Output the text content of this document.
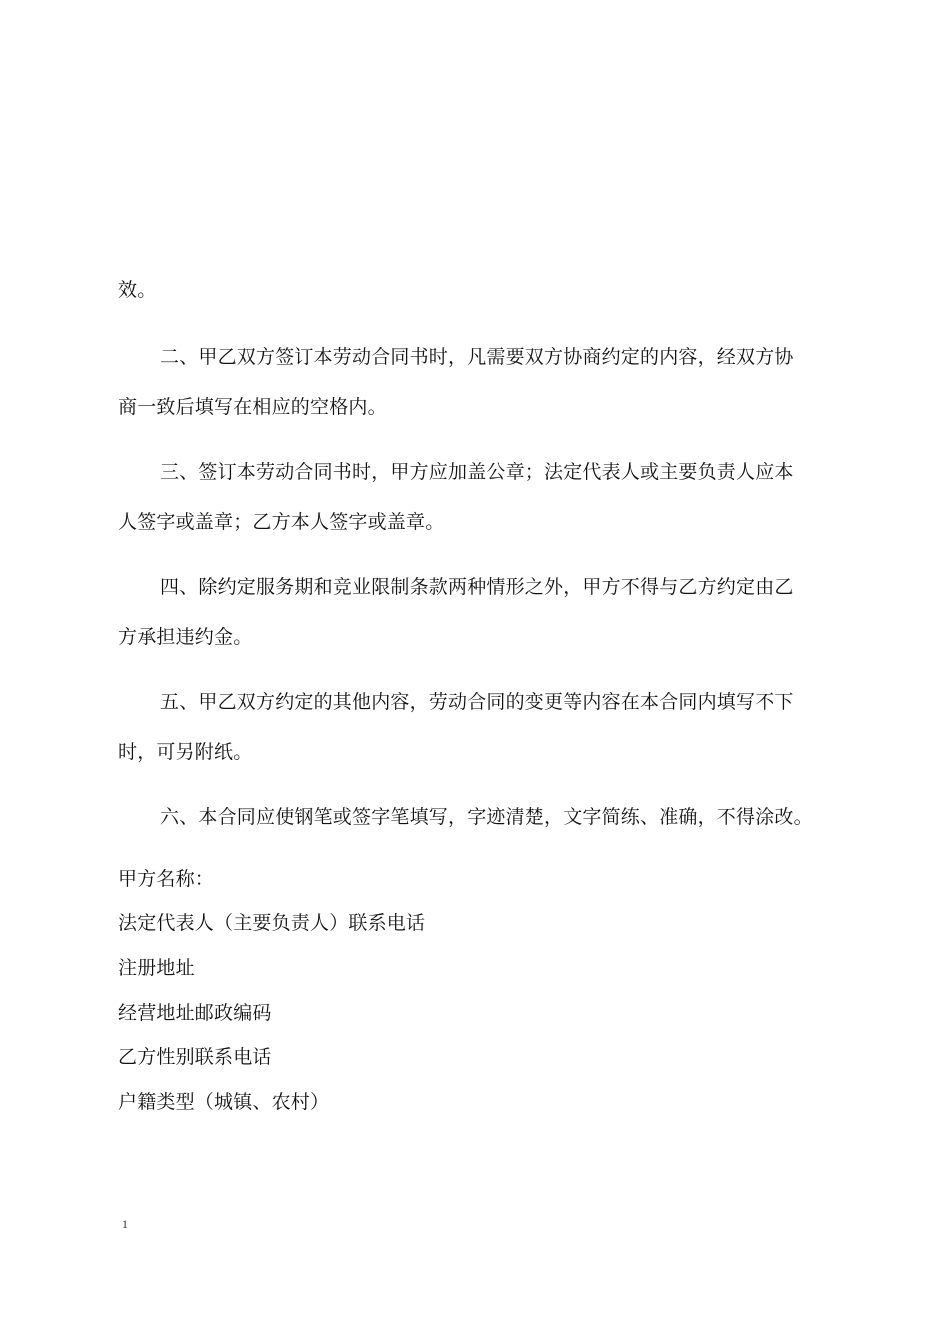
效。
二、甲乙双方签订本劳动合同书时，凡需要双方协商约定的内容，经双方协
商一致后填写在相应的空格内。
三、签订本劳动合同书时，甲方应加盖公章；法定代表人或主要负责人应本
人签字或盖章；乙方本人签字或盖章。
四、除约定服务期和竞业限制条款两种情形之外，甲方不得与乙方约定由乙
方承担违约金。
五、甲乙双方约定的其他内容，劳动合同的变更等内容在本合同内填写不下
时，可另附纸。
六、本合同应使钢笔或签字笔填写，字迹清楚，文字简练、准确，不得涂改。
甲方名称：
法定代表人（主要负责人）联系电话
注册地址
经营地址邮政编码
乙方性别联系电话
户籍类型（城镇、农村）
1
